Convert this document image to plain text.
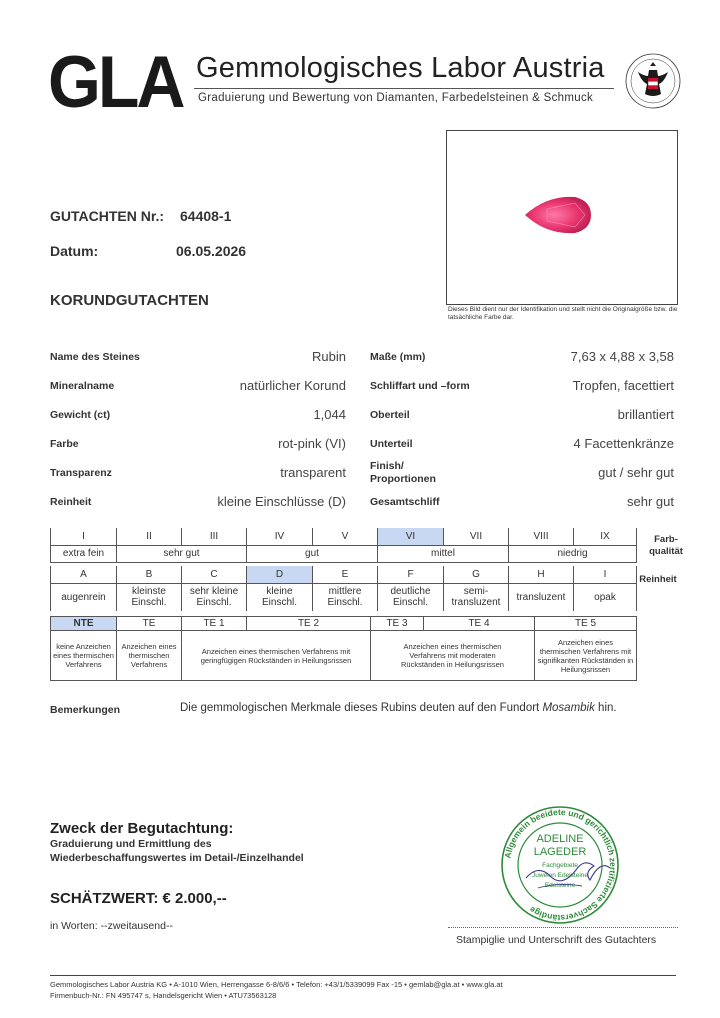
GLA Gemmologisches Labor Austria
Graduierung und Bewertung von Diamanten, Farbedelsteinen & Schmuck
Dieses Bild dient nur der Identifikation und stellt nicht die Originalgröße bzw. die tatsächliche Farbe dar.
GUTACHTEN Nr.: 64408-1
Datum:	06.05.2026
KORUNDGUTACHTEN
Name des Steines	Rubin
Mineralname	natürlicher Korund
Gewicht (ct)	1,044
Farbe	rot-pink (VI)
Transparenz	transparent
Reinheit	kleine Einschlüsse (D)
Maße (mm)	7,63 x 4,88 x 3,58
Schliffart und –form	Tropfen, facettiert
Oberteil	brillantiert
Unterteil	4 Facettenkränze
Finish/
Proportionen	gut / sehr gut
Gesamtschliff	sehr gut
I	II	III	IV	V	VI	VII	VIII	IX
extra fein	sehr gut		gut		mittel		niedrig	
Farb-
qualität
A	B	C	D	E	F	G	H	I
augenrein	kleinste Einschl.	sehr kleine Einschl.	kleine Einschl.	mittlere Einschl.	deutliche Einschl.	semi-transluzent	transluzent	opak
Reinheit
NTE	TE	TE 1	TE 2	TE 3	TE 4	TE 5
keine Anzeichen eines thermischen Verfahrens	Anzeichen eines thermischen Verfahrens	Anzeichen eines thermischen Verfahrens mit geringfügigen Rückständen in Heilungsrissen		Anzeichen eines thermischen Verfahrens mit moderaten Rückständen in Heilungsrissen		Anzeichen eines thermischen Verfahrens mit signifikanten Rückständen in Heilungsrissen
Bemerkungen	Die gemmologischen Merkmale dieses Rubins deuten auf den Fundort Mosambik hin.
Zweck der Begutachtung:
Graduierung und Ermittlung des
Wiederbeschaffungswertes im Detail-/Einzelhandel
SCHÄTZWERT: € 2.000,--
in Worten: --zweitausend--
Allgemein beeidete und gerichtlich zertifizierte Sachverständige
ADELINE
LAGEDER
Fachgebiete
Juwelen Edelsteine
Edelsteine
Stampiglie und Unterschrift des Gutachters
Gemmologisches Labor Austria KG • A-1010 Wien, Herrengasse 6-8/6/6 • Telefon: +43/1/5339099 Fax -15 • gemlab@gla.at • www.gla.at
Firmenbuch-Nr.: FN 495747 s, Handelsgericht Wien • ATU73563128
